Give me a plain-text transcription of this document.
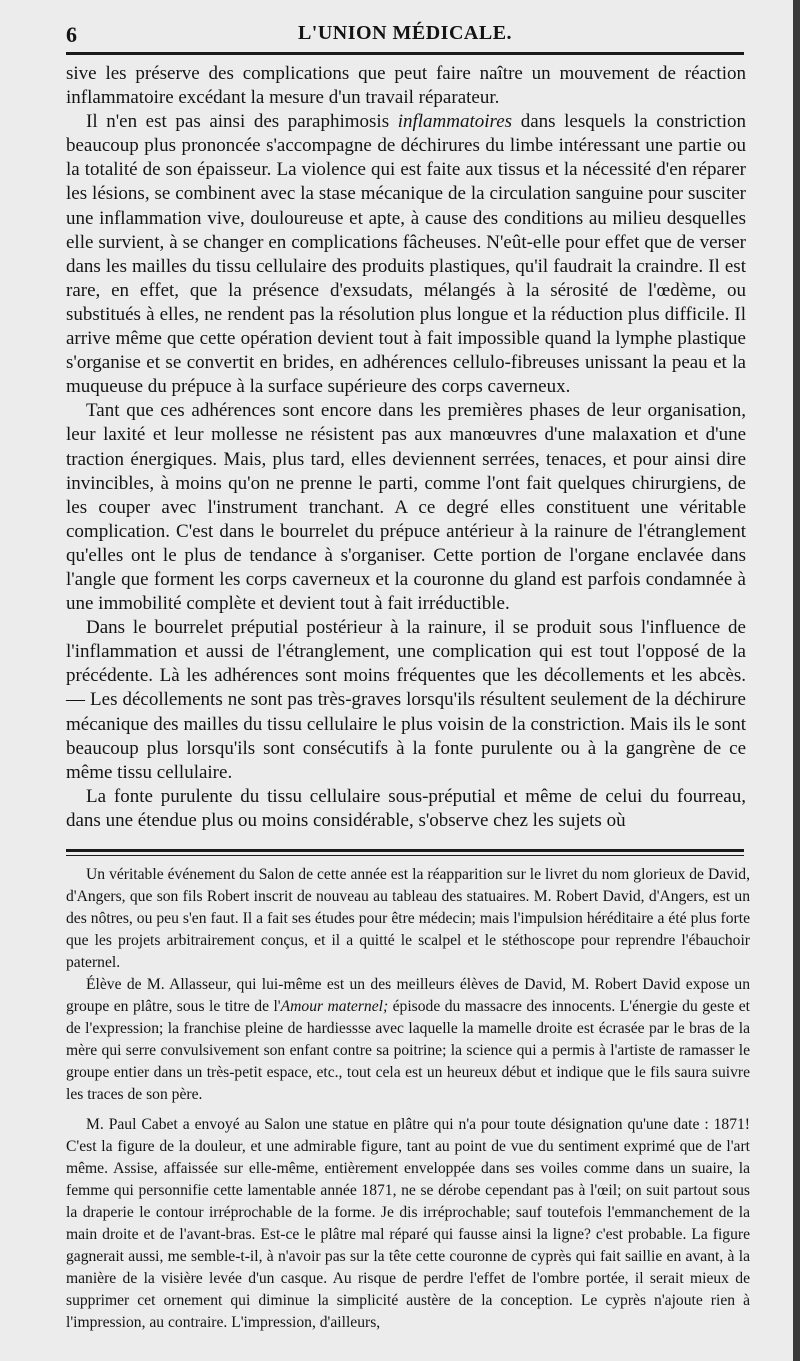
6	L'UNION MÉDICALE.

sive les préserve des complications que peut faire naître un mouvement de réaction inflammatoire excédant la mesure d'un travail réparateur.

Il n'en est pas ainsi des paraphimosis inflammatoires dans lesquels la constriction beaucoup plus prononcée s'accompagne de déchirures du limbe intéressant une partie ou la totalité de son épaisseur. La violence qui est faite aux tissus et la nécessité d'en réparer les lésions, se combinent avec la stase mécanique de la circulation sanguine pour susciter une inflammation vive, douloureuse et apte, à cause des conditions au milieu desquelles elle survient, à se changer en complications fâcheuses. N'eût-elle pour effet que de verser dans les mailles du tissu cellulaire des produits plastiques, qu'il faudrait la craindre. Il est rare, en effet, que la présence d'exsudats, mélangés à la sérosité de l'œdème, ou substitués à elles, ne rendent pas la résolution plus longue et la réduction plus difficile. Il arrive même que cette opération devient tout à fait impossible quand la lymphe plastique s'organise et se convertit en brides, en adhérences cellulo-fibreuses unissant la peau et la muqueuse du prépuce à la surface supérieure des corps caverneux.

Tant que ces adhérences sont encore dans les premières phases de leur organisation, leur laxité et leur mollesse ne résistent pas aux manœuvres d'une malaxation et d'une traction énergiques. Mais, plus tard, elles deviennent serrées, tenaces, et pour ainsi dire invincibles, à moins qu'on ne prenne le parti, comme l'ont fait quelques chirurgiens, de les couper avec l'instrument tranchant. A ce degré elles constituent une véritable complication. C'est dans le bourrelet du prépuce antérieur à la rainure de l'étranglement qu'elles ont le plus de tendance à s'organiser. Cette portion de l'organe enclavée dans l'angle que forment les corps caverneux et la couronne du gland est parfois condamnée à une immobilité complète et devient tout à fait irréductible.

Dans le bourrelet préputial postérieur à la rainure, il se produit sous l'influence de l'inflammation et aussi de l'étranglement, une complication qui est tout l'opposé de la précédente. Là les adhérences sont moins fréquentes que les décollements et les abcès. — Les décollements ne sont pas très-graves lorsqu'ils résultent seulement de la déchirure mécanique des mailles du tissu cellulaire le plus voisin de la constriction. Mais ils le sont beaucoup plus lorsqu'ils sont consécutifs à la fonte purulente ou à la gangrène de ce même tissu cellulaire.

La fonte purulente du tissu cellulaire sous-préputial et même de celui du fourreau, dans une étendue plus ou moins considérable, s'observe chez les sujets où

Un véritable événement du Salon de cette année est la réapparition sur le livret du nom glorieux de David, d'Angers, que son fils Robert inscrit de nouveau au tableau des statuaires. M. Robert David, d'Angers, est un des nôtres, ou peu s'en faut. Il a fait ses études pour être médecin; mais l'impulsion héréditaire a été plus forte que les projets arbitrairement conçus, et il a quitté le scalpel et le stéthoscope pour reprendre l'ébauchoir paternel.

Élève de M. Allasseur, qui lui-même est un des meilleurs élèves de David, M. Robert David expose un groupe en plâtre, sous le titre de l'Amour maternel; épisode du massacre des innocents. L'énergie du geste et de l'expression; la franchise pleine de hardiessse avec laquelle la mamelle droite est écrasée par le bras de la mère qui serre convulsivement son enfant contre sa poitrine; la science qui a permis à l'artiste de ramasser le groupe entier dans un très-petit espace, etc., tout cela est un heureux début et indique que le fils saura suivre les traces de son père.

M. Paul Cabet a envoyé au Salon une statue en plâtre qui n'a pour toute désignation qu'une date : 1871! C'est la figure de la douleur, et une admirable figure, tant au point de vue du sentiment exprimé que de l'art même. Assise, affaissée sur elle-même, entièrement enveloppée dans ses voiles comme dans un suaire, la femme qui personnifie cette lamentable année 1871, ne se dérobe cependant pas à l'œil; on suit partout sous la draperie le contour irréprochable de la forme. Je dis irréprochable; sauf toutefois l'emmanchement de la main droite et de l'avant-bras. Est-ce le plâtre mal réparé qui fausse ainsi la ligne? c'est probable. La figure gagnerait aussi, me semble-t-il, à n'avoir pas sur la tête cette couronne de cyprès qui fait saillie en avant, à la manière de la visière levée d'un casque. Au risque de perdre l'effet de l'ombre portée, il serait mieux de supprimer cet ornement qui diminue la simplicité austère de la conception. Le cyprès n'ajoute rien à l'impression, au contraire. L'impression, d'ailleurs,
